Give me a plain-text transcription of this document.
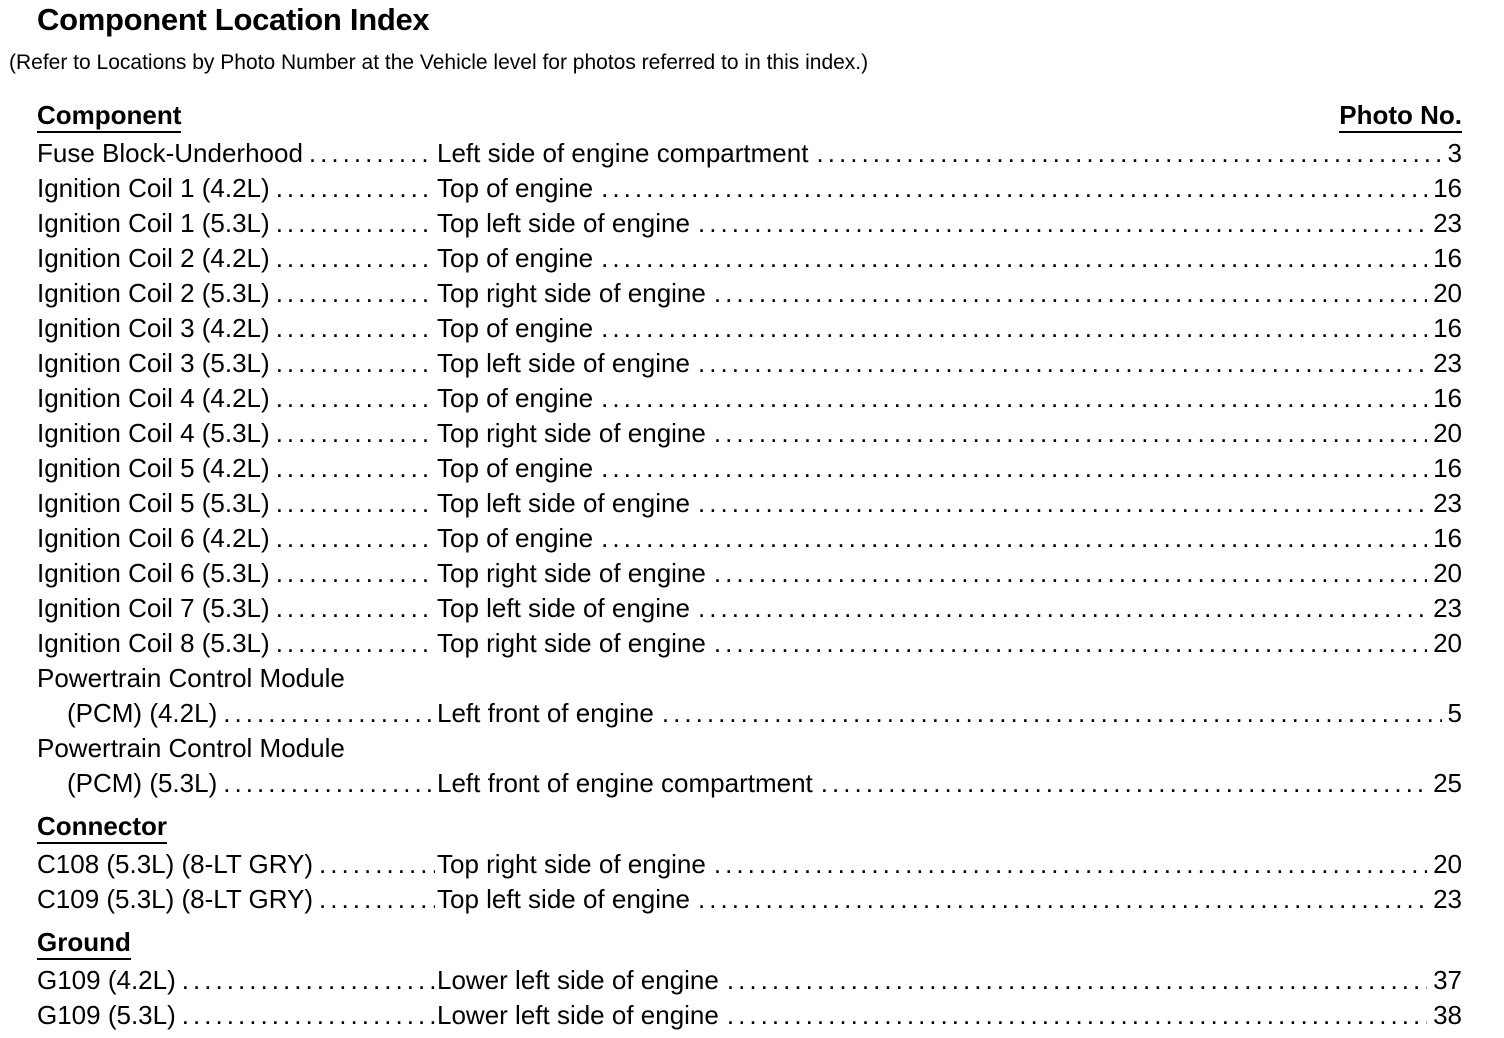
Component Location Index
(Refer to Locations by Photo Number at the Vehicle level for photos referred to in this index.)
Component	Photo No.
Fuse Block-Underhood . . .	Left side of engine compartment . . .	3
Ignition Coil 1 (4.2L) . . .	Top of engine . . .	16
Ignition Coil 1 (5.3L) . . .	Top left side of engine . . .	23
Ignition Coil 2 (4.2L) . . .	Top of engine . . .	16
Ignition Coil 2 (5.3L) . . .	Top right side of engine . . .	20
Ignition Coil 3 (4.2L) . . .	Top of engine . . .	16
Ignition Coil 3 (5.3L) . . .	Top left side of engine . . .	23
Ignition Coil 4 (4.2L) . . .	Top of engine . . .	16
Ignition Coil 4 (5.3L) . . .	Top right side of engine . . .	20
Ignition Coil 5 (4.2L) . . .	Top of engine . . .	16
Ignition Coil 5 (5.3L) . . .	Top left side of engine . . .	23
Ignition Coil 6 (4.2L) . . .	Top of engine . . .	16
Ignition Coil 6 (5.3L) . . .	Top right side of engine . . .	20
Ignition Coil 7 (5.3L) . . .	Top left side of engine . . .	23
Ignition Coil 8 (5.3L) . . .	Top right side of engine . . .	20
Powertrain Control Module
(PCM) (4.2L) . . .	Left front of engine . . .	5
Powertrain Control Module
(PCM) (5.3L) . . .	Left front of engine compartment . . .	25
Connector
C108 (5.3L) (8-LT GRY) . . .	Top right side of engine . . .	20
C109 (5.3L) (8-LT GRY) . . .	Top left side of engine . . .	23
Ground
G109 (4.2L) . . .	Lower left side of engine . . .	37
G109 (5.3L) . . .	Lower left side of engine . . .	38
